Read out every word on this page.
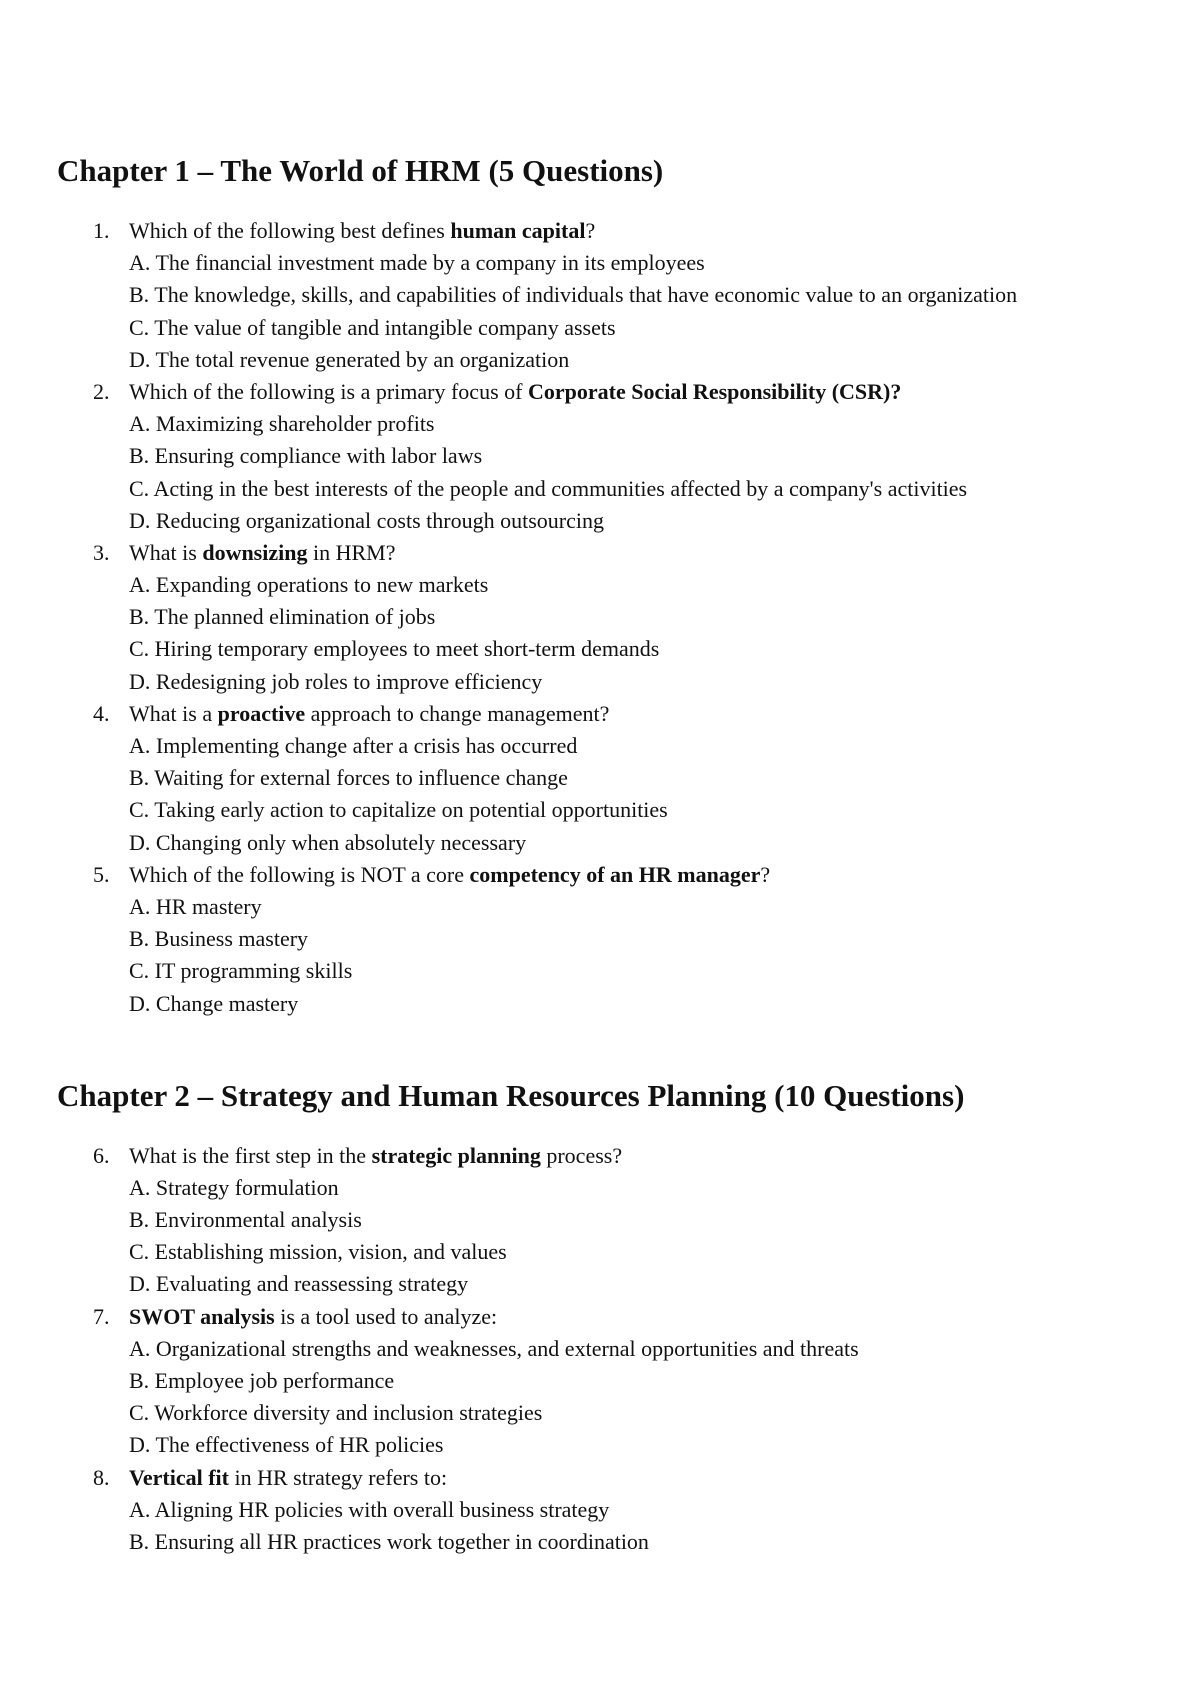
Chapter 1 – The World of HRM (5 Questions)
1. Which of the following best defines human capital?
A. The financial investment made by a company in its employees
B. The knowledge, skills, and capabilities of individuals that have economic value to an organization
C. The value of tangible and intangible company assets
D. The total revenue generated by an organization
2. Which of the following is a primary focus of Corporate Social Responsibility (CSR)?
A. Maximizing shareholder profits
B. Ensuring compliance with labor laws
C. Acting in the best interests of the people and communities affected by a company's activities
D. Reducing organizational costs through outsourcing
3. What is downsizing in HRM?
A. Expanding operations to new markets
B. The planned elimination of jobs
C. Hiring temporary employees to meet short-term demands
D. Redesigning job roles to improve efficiency
4. What is a proactive approach to change management?
A. Implementing change after a crisis has occurred
B. Waiting for external forces to influence change
C. Taking early action to capitalize on potential opportunities
D. Changing only when absolutely necessary
5. Which of the following is NOT a core competency of an HR manager?
A. HR mastery
B. Business mastery
C. IT programming skills
D. Change mastery
Chapter 2 – Strategy and Human Resources Planning (10 Questions)
6. What is the first step in the strategic planning process?
A. Strategy formulation
B. Environmental analysis
C. Establishing mission, vision, and values
D. Evaluating and reassessing strategy
7. SWOT analysis is a tool used to analyze:
A. Organizational strengths and weaknesses, and external opportunities and threats
B. Employee job performance
C. Workforce diversity and inclusion strategies
D. The effectiveness of HR policies
8. Vertical fit in HR strategy refers to:
A. Aligning HR policies with overall business strategy
B. Ensuring all HR practices work together in coordination
